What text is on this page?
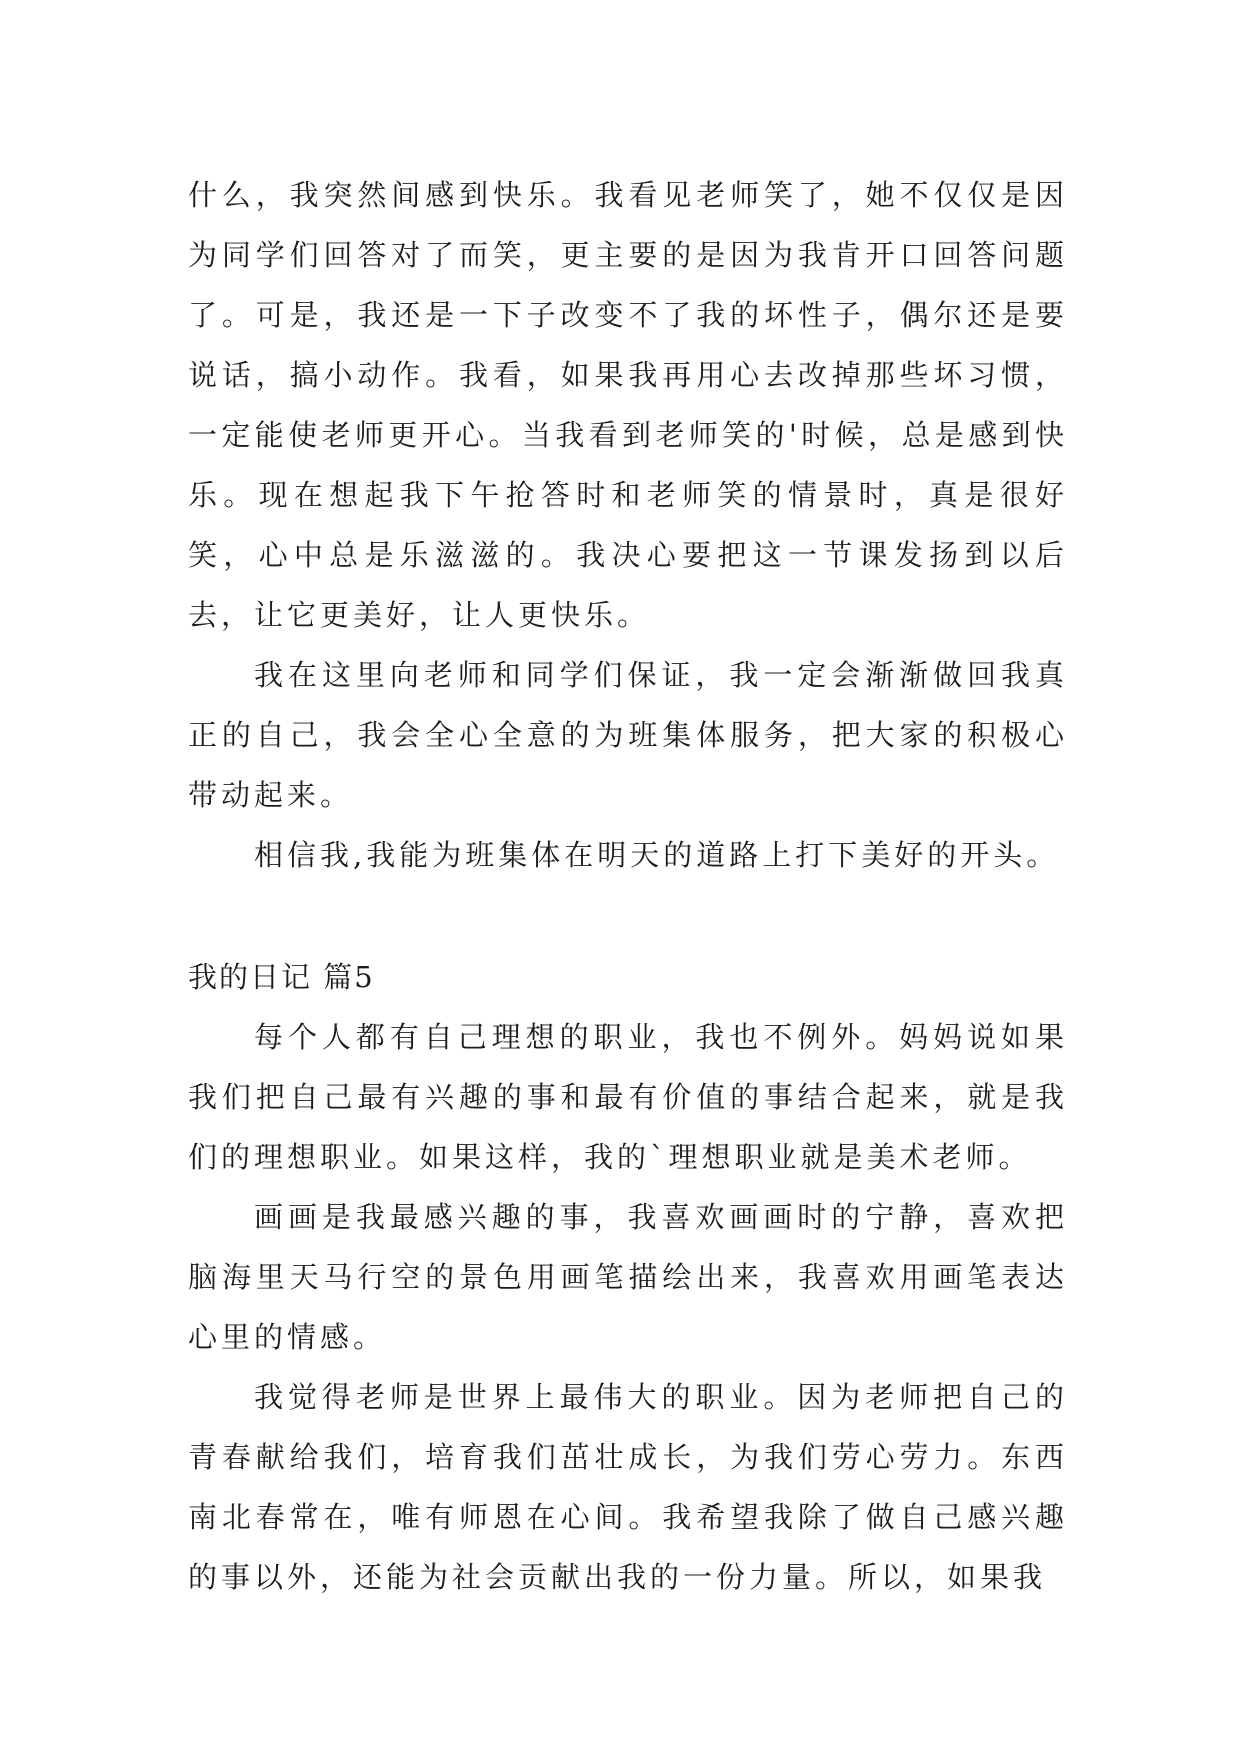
什么，我突然间感到快乐。我看见老师笑了，她不仅仅是因为同学们回答对了而笑，更主要的是因为我肯开口回答问题了。可是，我还是一下子改变不了我的坏性子，偶尔还是要说话，搞小动作。我看，如果我再用心去改掉那些坏习惯，一定能使老师更开心。当我看到老师笑的'时候，总是感到快乐。现在想起我下午抢答时和老师笑的情景时，真是很好笑，心中总是乐滋滋的。我决心要把这一节课发扬到以后去，让它更美好，让人更快乐。

我在这里向老师和同学们保证，我一定会渐渐做回我真正的自己，我会全心全意的为班集体服务，把大家的积极心带动起来。

相信我,我能为班集体在明天的道路上打下美好的开头。

我的日记 篇5

每个人都有自己理想的职业，我也不例外。妈妈说如果我们把自己最有兴趣的事和最有价值的事结合起来，就是我们的理想职业。如果这样，我的`理想职业就是美术老师。

画画是我最感兴趣的事，我喜欢画画时的宁静，喜欢把脑海里天马行空的景色用画笔描绘出来，我喜欢用画笔表达心里的情感。

我觉得老师是世界上最伟大的职业。因为老师把自己的青春献给我们，培育我们茁壮成长，为我们劳心劳力。东西南北春常在，唯有师恩在心间。我希望我除了做自己感兴趣的事以外，还能为社会贡献出我的一份力量。所以，如果我
